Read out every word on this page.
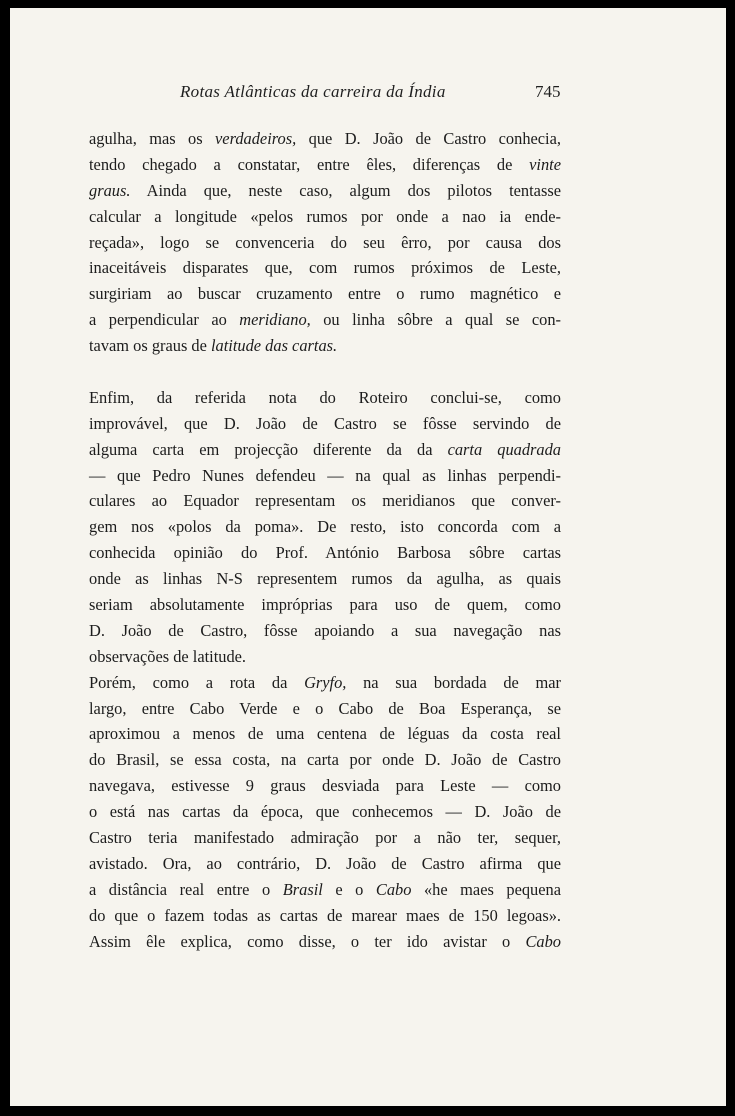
Rotas Atlânticas da carreira da Índia	745
agulha, mas os verdadeiros, que D. João de Castro conhecia,
tendo chegado a constatar, entre êles, diferenças de vinte
graus. Ainda que, neste caso, algum dos pilotos tentasse
calcular a longitude «pelos rumos por onde a nao ia ende-
reçada», logo se convenceria do seu êrro, por causa dos
inaceitáveis disparates que, com rumos próximos de Leste,
surgiriam ao buscar cruzamento entre o rumo magnético e
a perpendicular ao meridiano, ou linha sôbre a qual se con-
tavam os graus de latitude das cartas.
Enfim, da referida nota do Roteiro conclui-se, como
improvável, que D. João de Castro se fôsse servindo de
alguma carta em projecção diferente da da carta quadrada
— que Pedro Nunes defendeu — na qual as linhas perpendi-
culares ao Equador representam os meridianos que conver-
gem nos «polos da poma». De resto, isto concorda com a
conhecida opinião do Prof. António Barbosa sôbre cartas
onde as linhas N-S representem rumos da agulha, as quais
seriam absolutamente impróprias para uso de quem, como
D. João de Castro, fôsse apoiando a sua navegação nas
observações de latitude.
Porém, como a rota da Gryfo, na sua bordada de mar
largo, entre Cabo Verde e o Cabo de Boa Esperança, se
aproximou a menos de uma centena de léguas da costa real
do Brasil, se essa costa, na carta por onde D. João de Castro
navegava, estivesse 9 graus desviada para Leste — como
o está nas cartas da época, que conhecemos — D. João de
Castro teria manifestado admiração por a não ter, sequer,
avistado. Ora, ao contrário, D. João de Castro afirma que
a distância real entre o Brasil e o Cabo «he maes pequena
do que o fazem todas as cartas de marear maes de 150 legoas».
Assim êle explica, como disse, o ter ido avistar o Cabo
